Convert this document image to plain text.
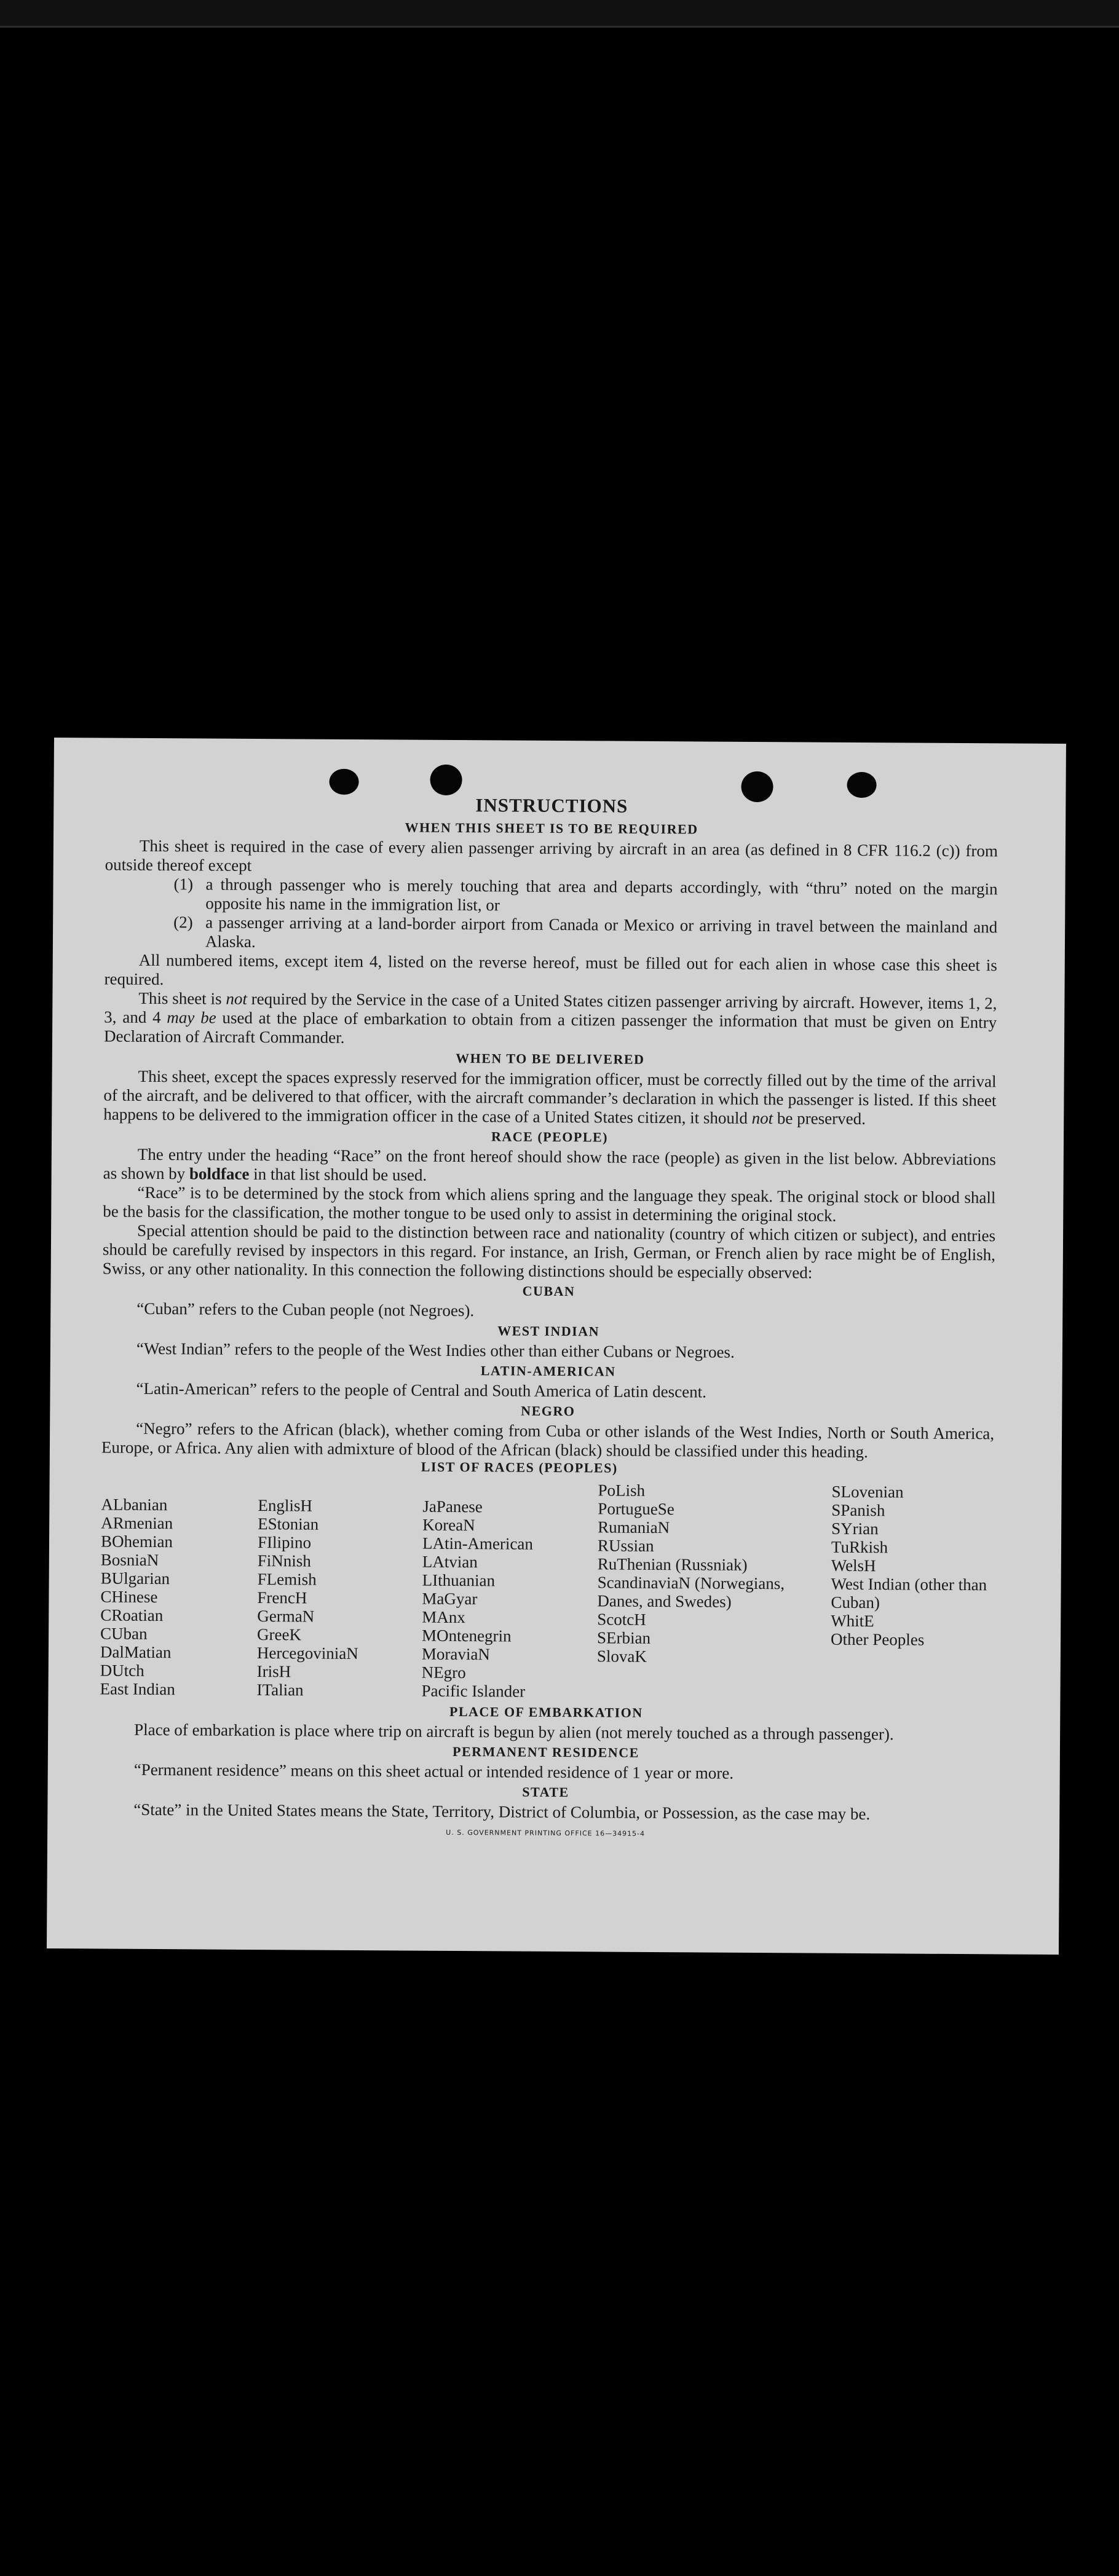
INSTRUCTIONS
WHEN THIS SHEET IS TO BE REQUIRED

This sheet is required in the case of every alien passenger arriving by aircraft in an area (as defined in 8 CFR 116.2 (c)) from outside thereof except

(1) a through passenger who is merely touching that area and departs accordingly, with “thru” noted on the margin opposite his name in the immigration list, or
(2) a passenger arriving at a land-border airport from Canada or Mexico or arriving in travel between the mainland and Alaska.

All numbered items, except item 4, listed on the reverse hereof, must be filled out for each alien in whose case this sheet is required.

This sheet is not required by the Service in the case of a United States citizen passenger arriving by aircraft. However, items 1, 2, 3, and 4 may be used at the place of embarkation to obtain from a citizen passenger the information that must be given on Entry Declaration of Aircraft Commander.

WHEN TO BE DELIVERED

This sheet, except the spaces expressly reserved for the immigration officer, must be correctly filled out by the time of the arrival of the aircraft, and be delivered to that officer, with the aircraft commander’s declaration in which the passenger is listed. If this sheet happens to be delivered to the immigration officer in the case of a United States citizen, it should not be preserved.

RACE (PEOPLE)

The entry under the heading “Race” on the front hereof should show the race (people) as given in the list below. Abbreviations as shown by boldface in that list should be used.

“Race” is to be determined by the stock from which aliens spring and the language they speak. The original stock or blood shall be the basis for the classification, the mother tongue to be used only to assist in determining the original stock.

Special attention should be paid to the distinction between race and nationality (country of which citizen or subject), and entries should be carefully revised by inspectors in this regard. For instance, an Irish, German, or French alien by race might be of English, Swiss, or any other nationality. In this connection the following distinctions should be especially observed:

CUBAN

“Cuban” refers to the Cuban people (not Negroes).

WEST INDIAN

“West Indian” refers to the people of the West Indies other than either Cubans or Negroes.

LATIN-AMERICAN

“Latin-American” refers to the people of Central and South America of Latin descent.

NEGRO

“Negro” refers to the African (black), whether coming from Cuba or other islands of the West Indies, North or South America, Europe, or Africa. Any alien with admixture of blood of the African (black) should be classified under this heading.

LIST OF RACES (PEOPLES)
ALbanian
ARmenian
BOhemian
BosniaN
BUlgarian
CHinese
CRoatian
CUban
DalMatian
DUtch
East Indian
EnglisH
EStonian
FIlipino
FiNnish
FLemish
FrencH
GermaN
GreeK
HercegoviniaN
IrisH
ITalian
JaPanese
KoreaN
LAtin-American
LAtvian
LIthuanian
MaGyar
MAnx
MOntenegrin
MoraviaN
NEgro
Pacific Islander
PoLish
PortugueSe
RumaniaN
RUssian
RuThenian (Russniak)
ScandinaviaN (Norwegians, Danes, and Swedes)
ScotcH
SErbian
SlovaK
SLovenian
SPanish
SYrian
TuRkish
WelsH
West Indian (other than Cuban)
WhitE
Other Peoples
PLACE OF EMBARKATION

Place of embarkation is place where trip on aircraft is begun by alien (not merely touched as a through passenger).

PERMANENT RESIDENCE

“Permanent residence” means on this sheet actual or intended residence of 1 year or more.

STATE

“State” in the United States means the State, Territory, District of Columbia, or Possession, as the case may be.

U. S. GOVERNMENT PRINTING OFFICE 16—34915-4
